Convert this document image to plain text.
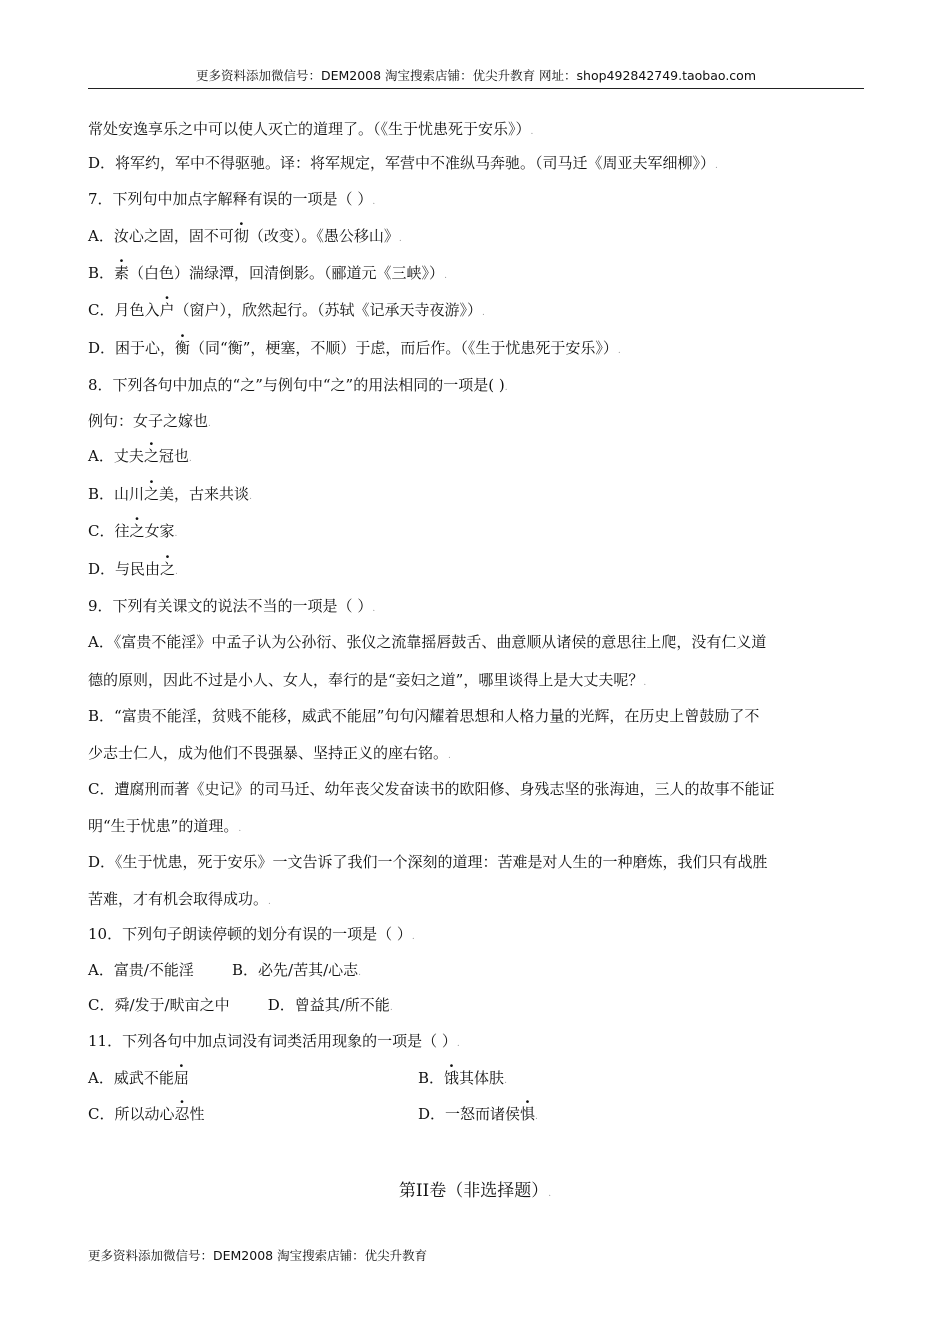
更多资料添加微信号：DEM2008 淘宝搜索店铺：优尖升教育 网址：shop492842749.taobao.com
常处安逸享乐之中可以使人灭亡的道理了。（《生于忧患死于安乐》）.
D．将军约，军中不得驱驰。译：将军规定，军营中不准纵马奔驰。（司马迁《周亚夫军细柳》）.
7．下列句中加点字解释有误的一项是（ ）.
A．汝心之固，固不可彻（改变）。《愚公移山》.
B．素（白色）湍绿潭，回清倒影。（郦道元《三峡》）.
C．月色入户（窗户），欣然起行。（苏轼《记承天寺夜游》）.
D．困于心，衡（同“衡”，梗塞，不顺）于虑，而后作。（《生于忧患死于安乐》）.
8．下列各句中加点的“之”与例句中“之”的用法相同的一项是( ).
例句：女子之嫁也.
A．丈夫之冠也.
B．山川之美，古来共谈.
C．往之女家.
D．与民由之.
9．下列有关课文的说法不当的一项是（ ）.
A．《富贵不能淫》中孟子认为公孙衍、张仪之流靠摇唇鼓舌、曲意顺从诸侯的意思往上爬，没有仁义道
德的原则，因此不过是小人、女人，奉行的是“妾妇之道”，哪里谈得上是大丈夫呢？.
B．“富贵不能淫，贫贱不能移，威武不能屈”句句闪耀着思想和人格力量的光辉，在历史上曾鼓励了不
少志士仁人，成为他们不畏强暴、坚持正义的座右铭。.
C．遭腐刑而著《史记》的司马迁、幼年丧父发奋读书的欧阳修、身残志坚的张海迪，三人的故事不能证
明“生于忧患”的道理。.
D．《生于忧患，死于安乐》一文告诉了我们一个深刻的道理：苦难是对人生的一种磨炼，我们只有战胜
苦难，才有机会取得成功。.
10．下列句子朗读停顿的划分有误的一项是（ ）.
A．富贵/不能淫        B．必先/苦其/心志.
C．舜/发于/畎亩之中        D．曾益其/所不能.
11．下列各句中加点词没有词类活用现象的一项是（ ）.
A．威武不能屈	B．饿其体肤.
C．所以动心忍性	D．一怒而诸侯惧.
第II卷（非选择题）.
更多资料添加微信号：DEM2008 淘宝搜索店铺：优尖升教育
